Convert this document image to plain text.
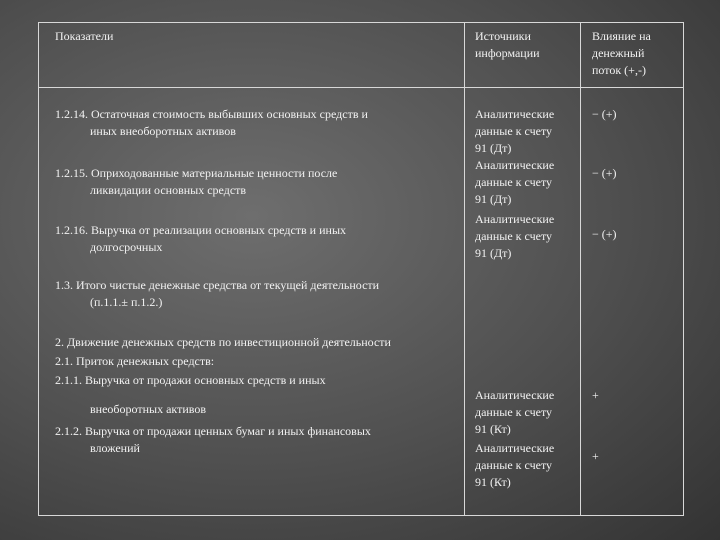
Показатели	Источники
информации
Влияние на
денежный
поток (+,-)
1.2.14. Остаточная стоимость выбывших основных средств и
иных внеоборотных активов
Аналитические
данные к счету
91 (Дт)
− (+)
1.2.15. Оприходованные материальные ценности после
ликвидации основных средств
Аналитические
данные к счету
91 (Дт)
− (+)
1.2.16. Выручка от реализации основных средств и иных
долгосрочных
Аналитические
данные к счету
91 (Дт)
− (+)
1.3. Итого чистые денежные средства от текущей деятельности
(п.1.1.± п.1.2.)
2. Движение денежных средств по инвестиционной деятельности
2.1. Приток денежных средств:
2.1.1. Выручка от продажи основных средств и иных
внеоборотных активов
2.1.2. Выручка от продажи ценных бумаг и иных финансовых
вложений
Аналитические
данные к счету
91 (Кт)
Аналитические
данные к счету
91 (Кт)
+
+
